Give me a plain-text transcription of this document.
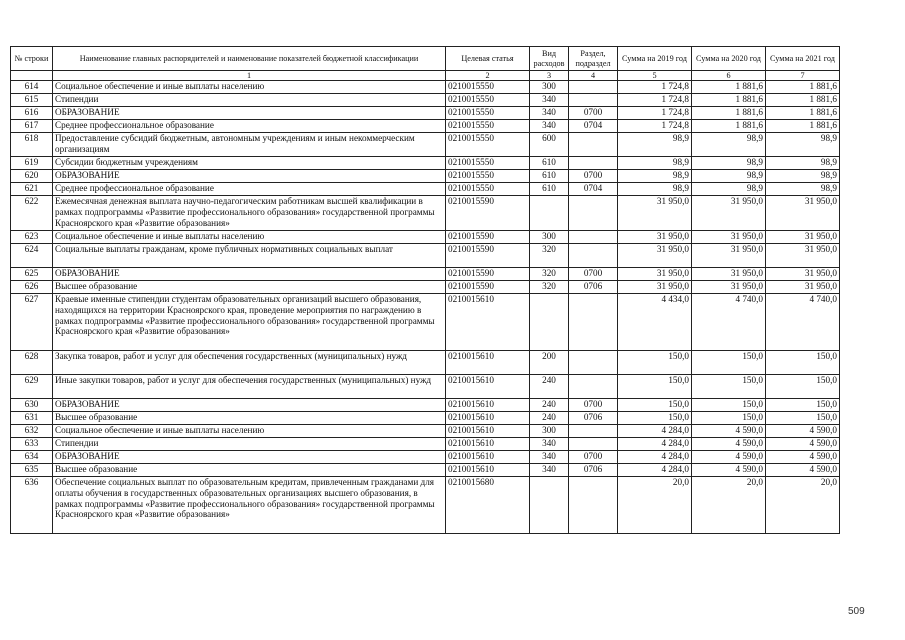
№ строки	Наименование главных распорядителей и наименование показателей бюджетной классификации	Целевая статья	Вид расходов	Раздел, подраздел	Сумма на 2019 год	Сумма на 2020 год	Сумма на 2021 год
	1	2	3	4	5	6	7
614	Социальное обеспечение и иные выплаты населению	0210015550	300		1 724,8	1 881,6	1 881,6
615	Стипендии	0210015550	340		1 724,8	1 881,6	1 881,6
616	ОБРАЗОВАНИЕ	0210015550	340	0700	1 724,8	1 881,6	1 881,6
617	Среднее профессиональное образование	0210015550	340	0704	1 724,8	1 881,6	1 881,6
618	Предоставление субсидий бюджетным, автономным учреждениям и иным некоммерческим организациям	0210015550	600		98,9	98,9	98,9
619	Субсидии бюджетным учреждениям	0210015550	610		98,9	98,9	98,9
620	ОБРАЗОВАНИЕ	0210015550	610	0700	98,9	98,9	98,9
621	Среднее профессиональное образование	0210015550	610	0704	98,9	98,9	98,9
622	Ежемесячная денежная выплата научно-педагогическим работникам высшей квалификации в рамках подпрограммы «Развитие профессионального образования» государственной программы Красноярского края «Развитие образования»	0210015590			31 950,0	31 950,0	31 950,0
623	Социальное обеспечение и иные выплаты населению	0210015590	300		31 950,0	31 950,0	31 950,0
624	Социальные выплаты гражданам, кроме публичных нормативных социальных выплат	0210015590	320		31 950,0	31 950,0	31 950,0
625	ОБРАЗОВАНИЕ	0210015590	320	0700	31 950,0	31 950,0	31 950,0
626	Высшее образование	0210015590	320	0706	31 950,0	31 950,0	31 950,0
627	Краевые именные стипендии студентам образовательных организаций высшего образования, находящихся на территории Красноярского края, проведение мероприятия по награждению в рамках подпрограммы «Развитие профессионального образования» государственной программы Красноярского края «Развитие образования»	0210015610			4 434,0	4 740,0	4 740,0
628	Закупка товаров, работ и услуг для обеспечения государственных (муниципальных) нужд	0210015610	200		150,0	150,0	150,0
629	Иные закупки товаров, работ и услуг для обеспечения государственных (муниципальных) нужд	0210015610	240		150,0	150,0	150,0
630	ОБРАЗОВАНИЕ	0210015610	240	0700	150,0	150,0	150,0
631	Высшее образование	0210015610	240	0706	150,0	150,0	150,0
632	Социальное обеспечение и иные выплаты населению	0210015610	300		4 284,0	4 590,0	4 590,0
633	Стипендии	0210015610	340		4 284,0	4 590,0	4 590,0
634	ОБРАЗОВАНИЕ	0210015610	340	0700	4 284,0	4 590,0	4 590,0
635	Высшее образование	0210015610	340	0706	4 284,0	4 590,0	4 590,0
636	Обеспечение социальных выплат по образовательным кредитам, привлеченным гражданами для оплаты обучения в государственных образовательных организациях высшего образования, в рамках подпрограммы «Развитие профессионального образования» государственной программы Красноярского края «Развитие образования»	0210015680			20,0	20,0	20,0
509
